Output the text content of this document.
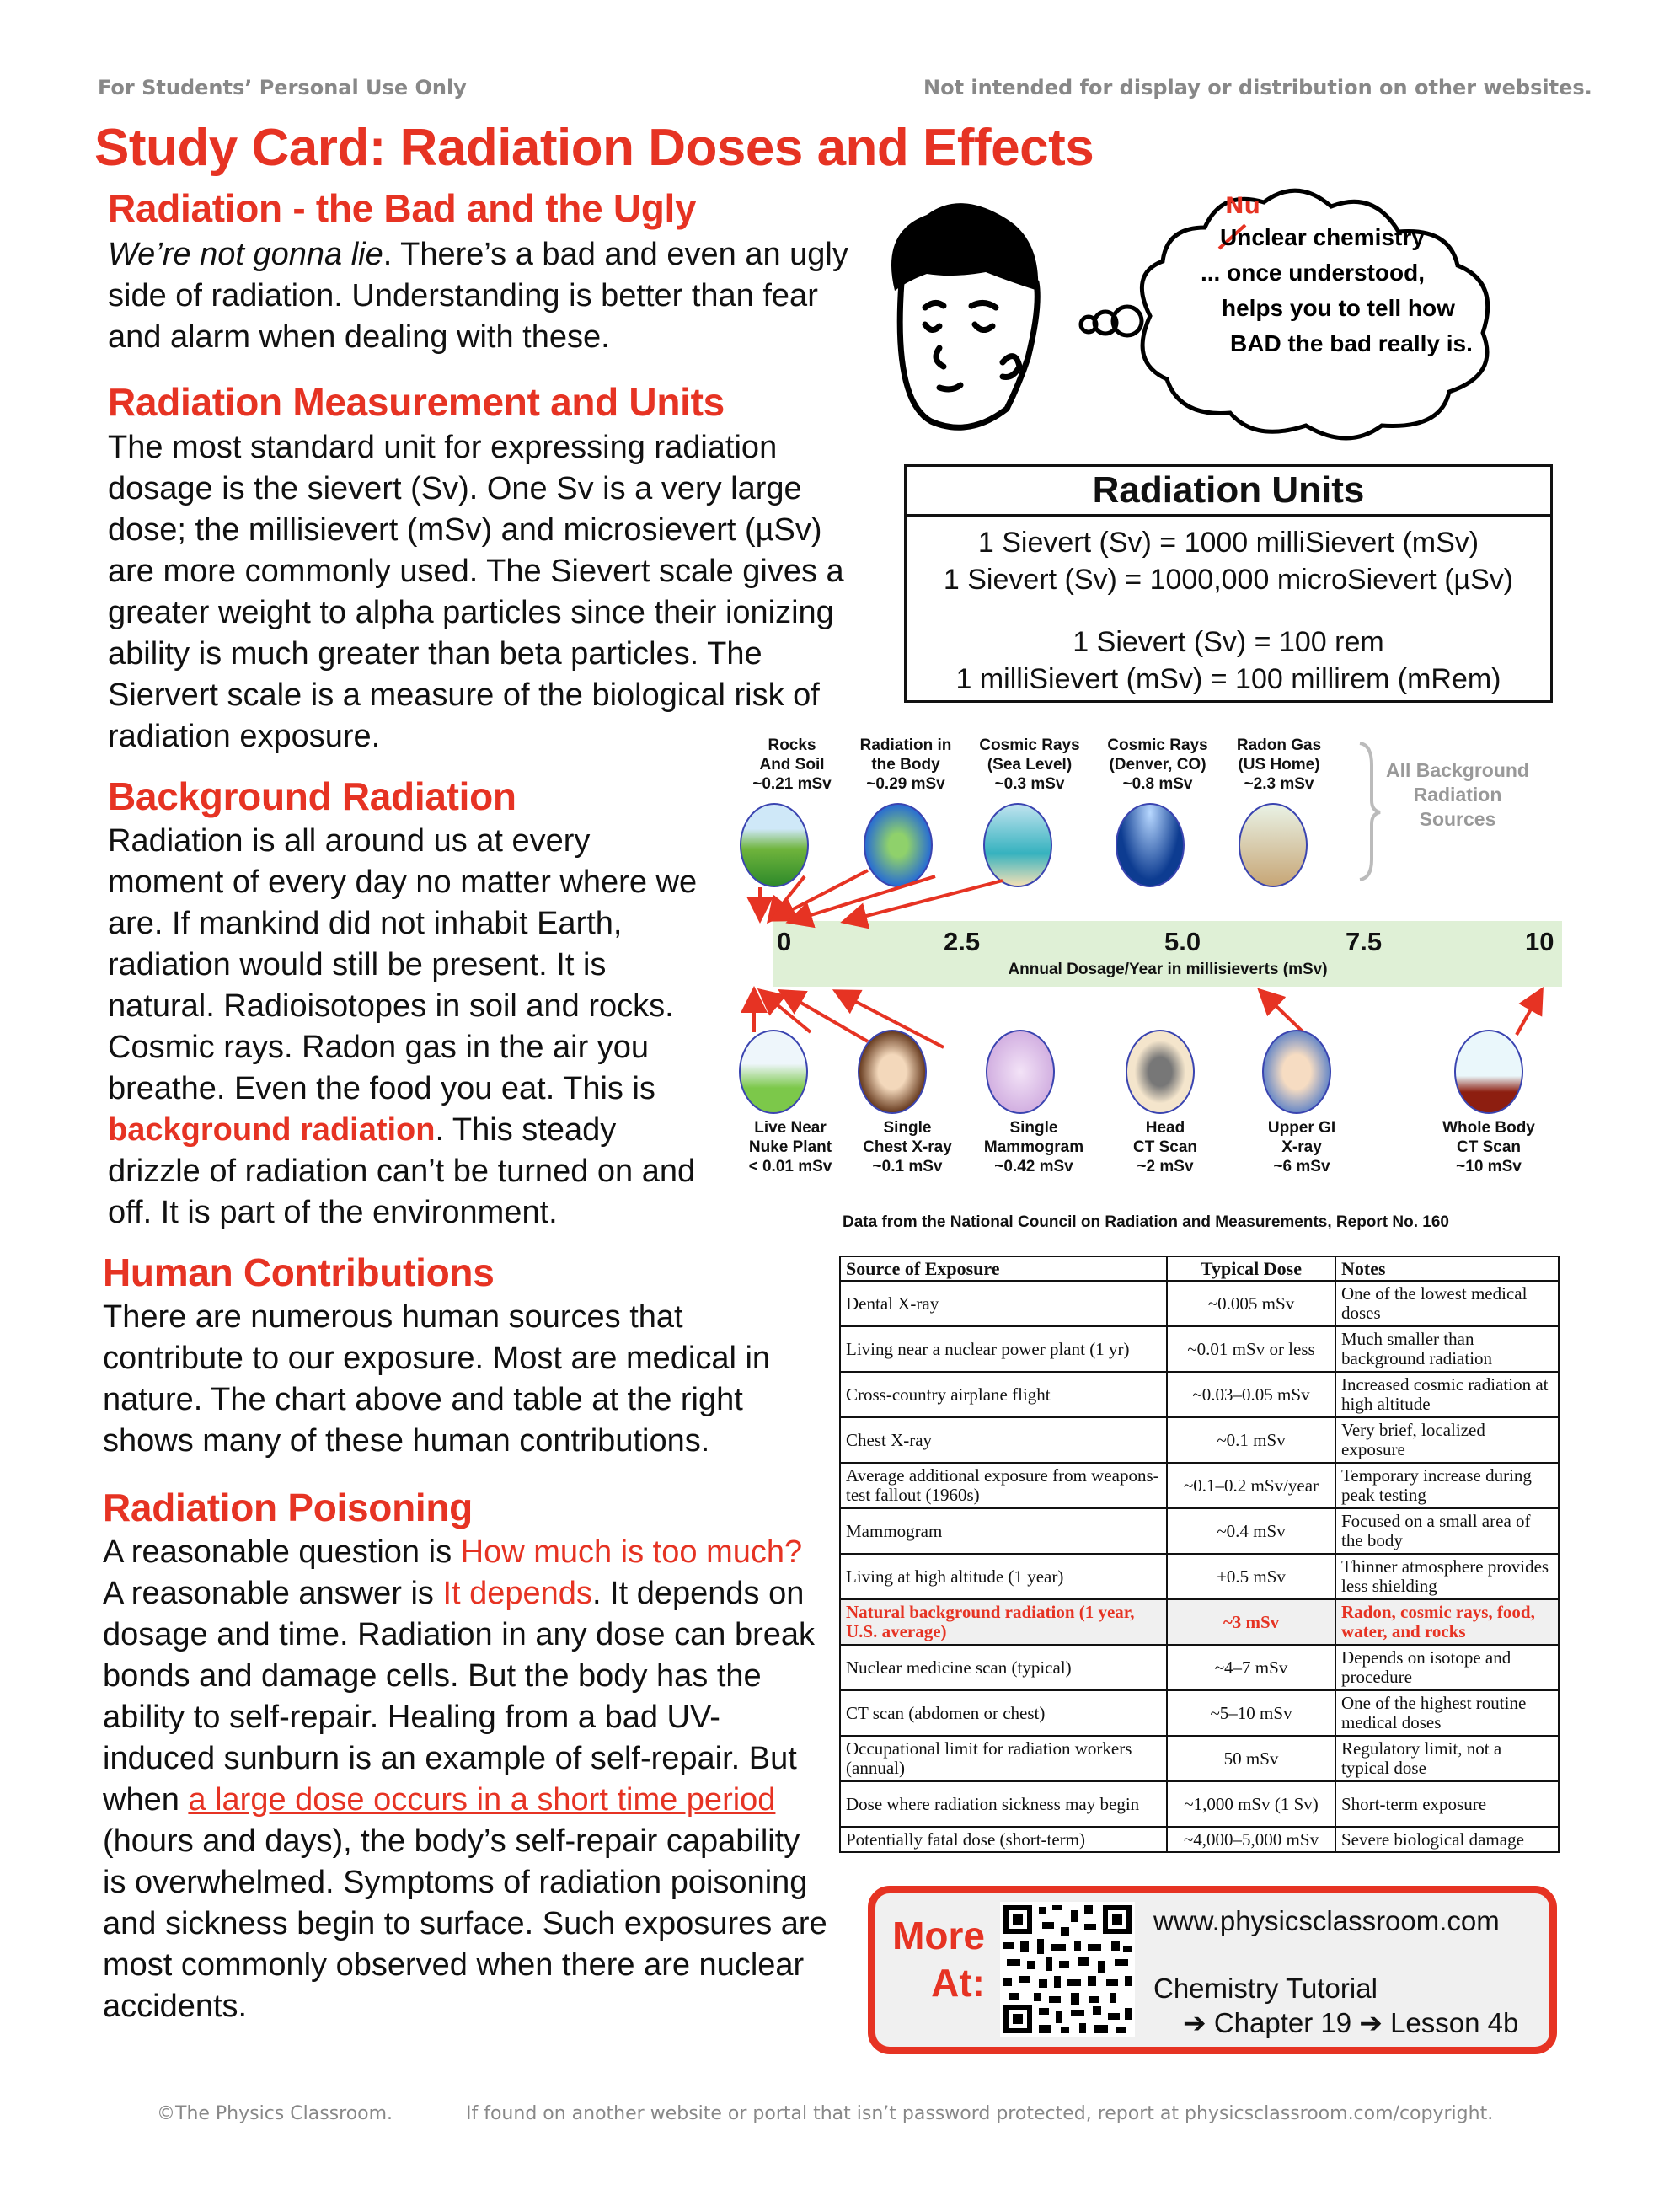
For Students’ Personal Use Only	Not intended for display or distribution on other websites.
Study Card: Radiation Doses and Effects
Radiation - the Bad and the Ugly
We’re not gonna lie. There’s a bad and even an ugly side of radiation. Understanding is better than fear and alarm when dealing with these.
Radiation Measurement and Units
The most standard unit for expressing radiation dosage is the sievert (Sv). One Sv is a very large dose; the millisievert (mSv) and microsievert (µSv) are more commonly used. The Sievert scale gives a greater weight to alpha particles since their ionizing ability is much greater than beta particles. The Siervert scale is a measure of the biological risk of radiation exposure.
Background Radiation
Radiation is all around us at every moment of every day no matter where we are. If mankind did not inhabit Earth, radiation would still be present. It is natural. Radioisotopes in soil and rocks. Cosmic rays. Radon gas in the air you breathe. Even the food you eat. This is background radiation. This steady drizzle of radiation can’t be turned on and off. It is part of the environment.
Human Contributions
There are numerous human sources that contribute to our exposure. Most are medical in nature. The chart above and table at the right shows many of these human contributions.
Radiation Poisoning
A reasonable question is How much is too much? A reasonable answer is It depends. It depends on dosage and time. Radiation in any dose can break bonds and damage cells. But the body has the ability to self-repair. Healing from a bad UV-induced sunburn is an example of self-repair. But when a large dose occurs in a short time period (hours and days), the body’s self-repair capability is overwhelmed. Symptoms of radiation poisoning and sickness begin to surface. Such exposures are most commonly observed when there are nuclear accidents.
Nu
Unclear chemistry
... once understood,
helps you to tell how
BAD the bad really is.
Radiation Units
1 Sievert (Sv) = 1000 milliSievert (mSv)
1 Sievert (Sv) = 1000,000 microSievert (µSv)
1 Sievert (Sv) = 100 rem
1 milliSievert (mSv) = 100 millirem (mRem)
Rocks
And Soil
~0.21 mSv
Radiation in
the Body
~0.29 mSv
Cosmic Rays
(Sea Level)
~0.3 mSv
Cosmic Rays
(Denver, CO)
~0.8 mSv
Radon Gas
(US Home)
~2.3 mSv
All Background Radiation Sources
0	2.5	5.0	7.5	10
Annual Dosage/Year in millisieverts (mSv)
Live Near
Nuke Plant
< 0.01 mSv
Single
Chest X-ray
~0.1 mSv
Single
Mammogram
~0.42 mSv
Head
CT Scan
~2 mSv
Upper GI
X-ray
~6 mSv
Whole Body
CT Scan
~10 mSv
Data from the National Council on Radiation and Measurements, Report No. 160
Source of Exposure	Typical Dose	Notes
Dental X-ray	~0.005 mSv	One of the lowest medical doses
Living near a nuclear power plant (1 yr)	~0.01 mSv or less	Much smaller than background radiation
Cross-country airplane flight	~0.03–0.05 mSv	Increased cosmic radiation at high altitude
Chest X-ray	~0.1 mSv	Very brief, localized exposure
Average additional exposure from weapons-test fallout (1960s)	~0.1–0.2 mSv/year	Temporary increase during peak testing
Mammogram	~0.4 mSv	Focused on a small area of the body
Living at high altitude (1 year)	+0.5 mSv	Thinner atmosphere provides less shielding
Natural background radiation (1 year, U.S. average)	~3 mSv	Radon, cosmic rays, food, water, and rocks
Nuclear medicine scan (typical)	~4–7 mSv	Depends on isotope and procedure
CT scan (abdomen or chest)	~5–10 mSv	One of the highest routine medical doses
Occupational limit for radiation workers (annual)	50 mSv	Regulatory limit, not a typical dose
Dose where radiation sickness may begin	~1,000 mSv (1 Sv)	Short-term exposure
Potentially fatal dose (short-term)	~4,000–5,000 mSv	Severe biological damage
More
At:
www.physicsclassroom.com
Chemistry Tutorial
➔ Chapter 19 ➔ Lesson 4b
©The Physics Classroom.	If found on another website or portal that isn’t password protected, report at physicsclassroom.com/copyright.
